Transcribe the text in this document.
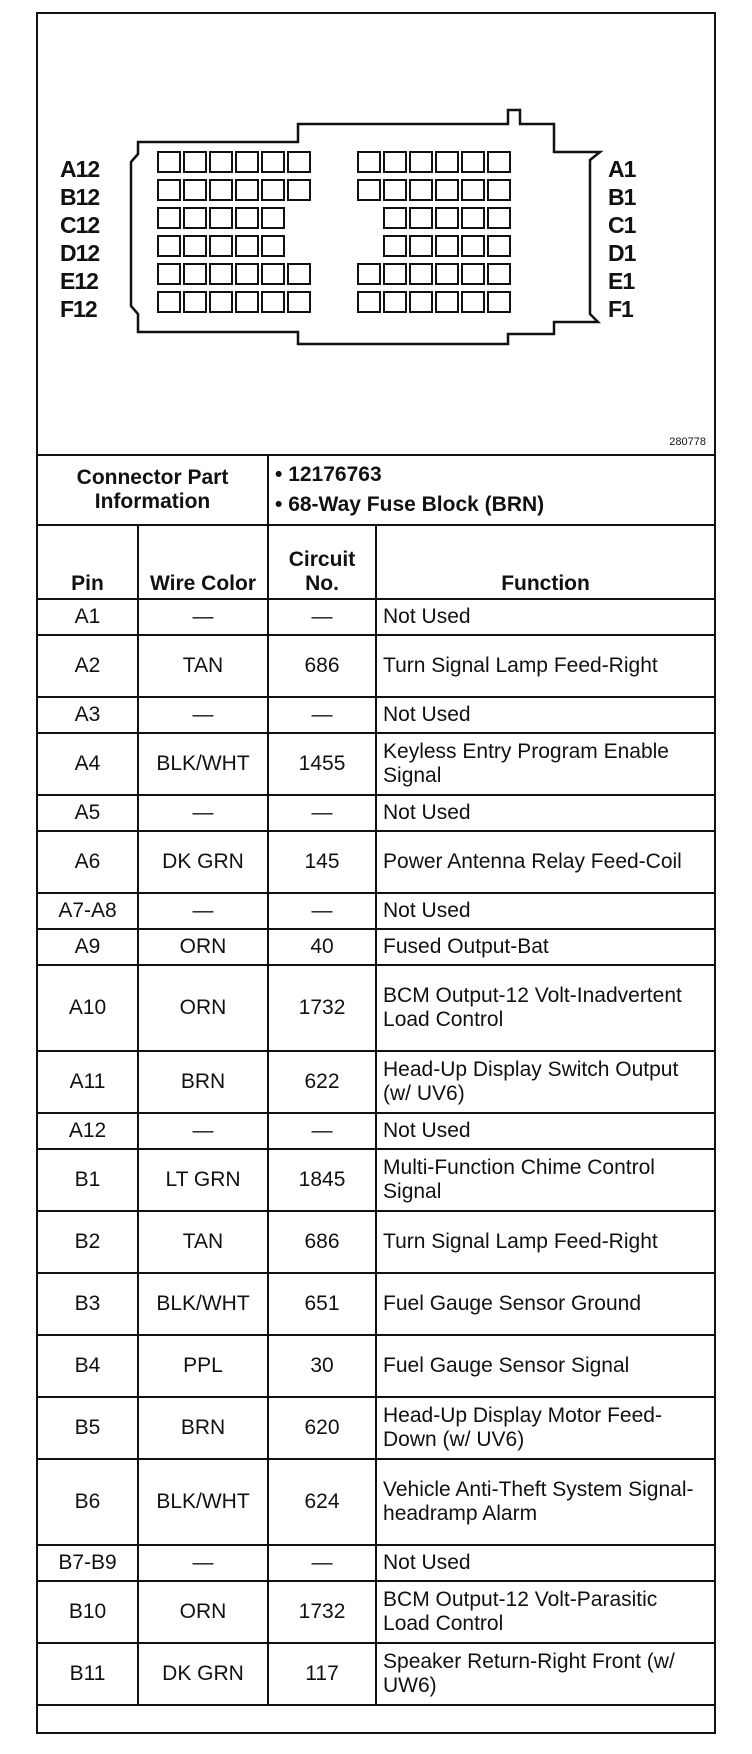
A12
B12
C12
D12
E12
F12
A1
B1
C1
D1
E1
F1
280778
Connector Part Information		• 12176763
• 68-Way Fuse Block (BRN)	

Pin	Wire Color	Circuit No.	Function
A1	—	—	Not Used
A2	TAN	686	Turn Signal Lamp Feed-Right
A3	—	—	Not Used
A4	BLK/WHT	1455	Keyless Entry Program Enable Signal
A5	—	—	Not Used
A6	DK GRN	145	Power Antenna Relay Feed-Coil
A7-A8	—	—	Not Used
A9	ORN	40	Fused Output-Bat
A10	ORN	1732	BCM Output-12 Volt-Inadvertent Load Control
A11	BRN	622	Head-Up Display Switch Output (w/ UV6)
A12	—	—	Not Used
B1	LT GRN	1845	Multi-Function Chime Control Signal
B2	TAN	686	Turn Signal Lamp Feed-Right
B3	BLK/WHT	651	Fuel Gauge Sensor Ground
B4	PPL	30	Fuel Gauge Sensor Signal
B5	BRN	620	Head-Up Display Motor Feed-Down (w/ UV6)
B6	BLK/WHT	624	Vehicle Anti-Theft System Signal-headramp Alarm
B7-B9	—	—	Not Used
B10	ORN	1732	BCM Output-12 Volt-Parasitic Load Control
B11	DK GRN	117	Speaker Return-Right Front (w/ UW6)
